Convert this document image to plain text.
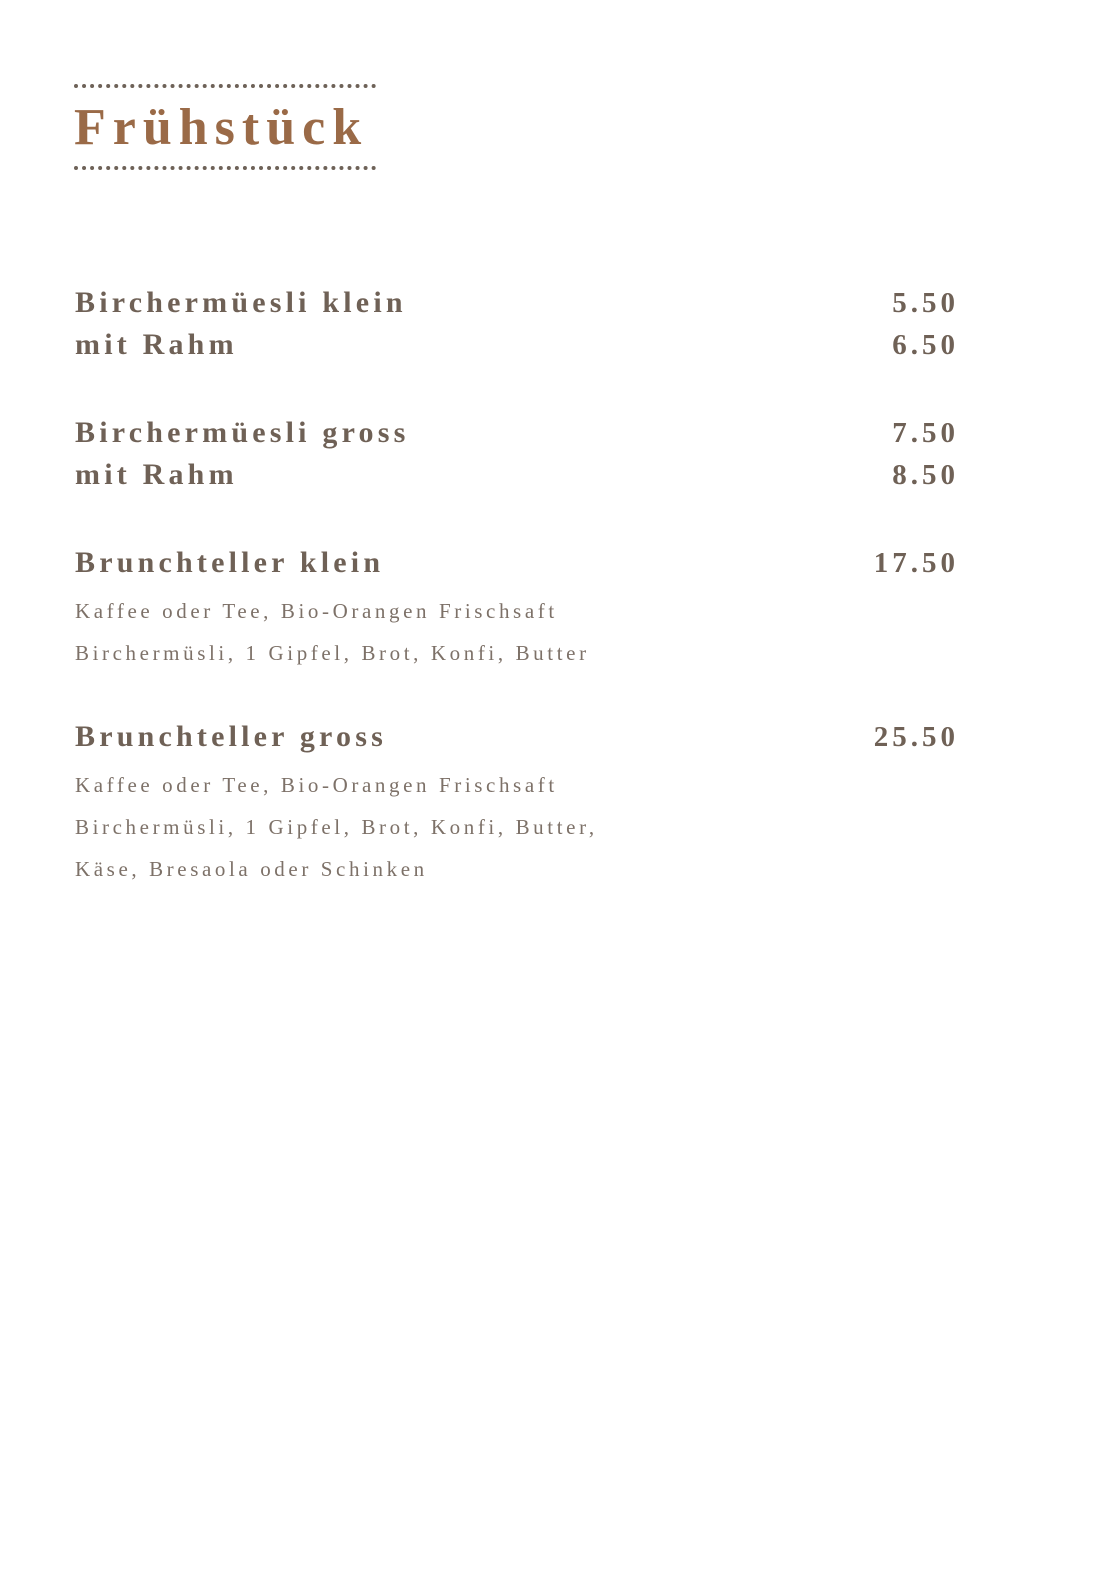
Frühstück
Birchermüesli klein	5.50
mit Rahm	6.50
Birchermüesli gross	7.50
mit Rahm	8.50
Brunchteller klein	17.50
Kaffee oder Tee, Bio-Orangen Frischsaft
Birchermüsli, 1 Gipfel, Brot, Konfi, Butter
Brunchteller gross	25.50
Kaffee oder Tee, Bio-Orangen Frischsaft
Birchermüsli, 1 Gipfel, Brot, Konfi, Butter,
Käse, Bresaola oder Schinken
